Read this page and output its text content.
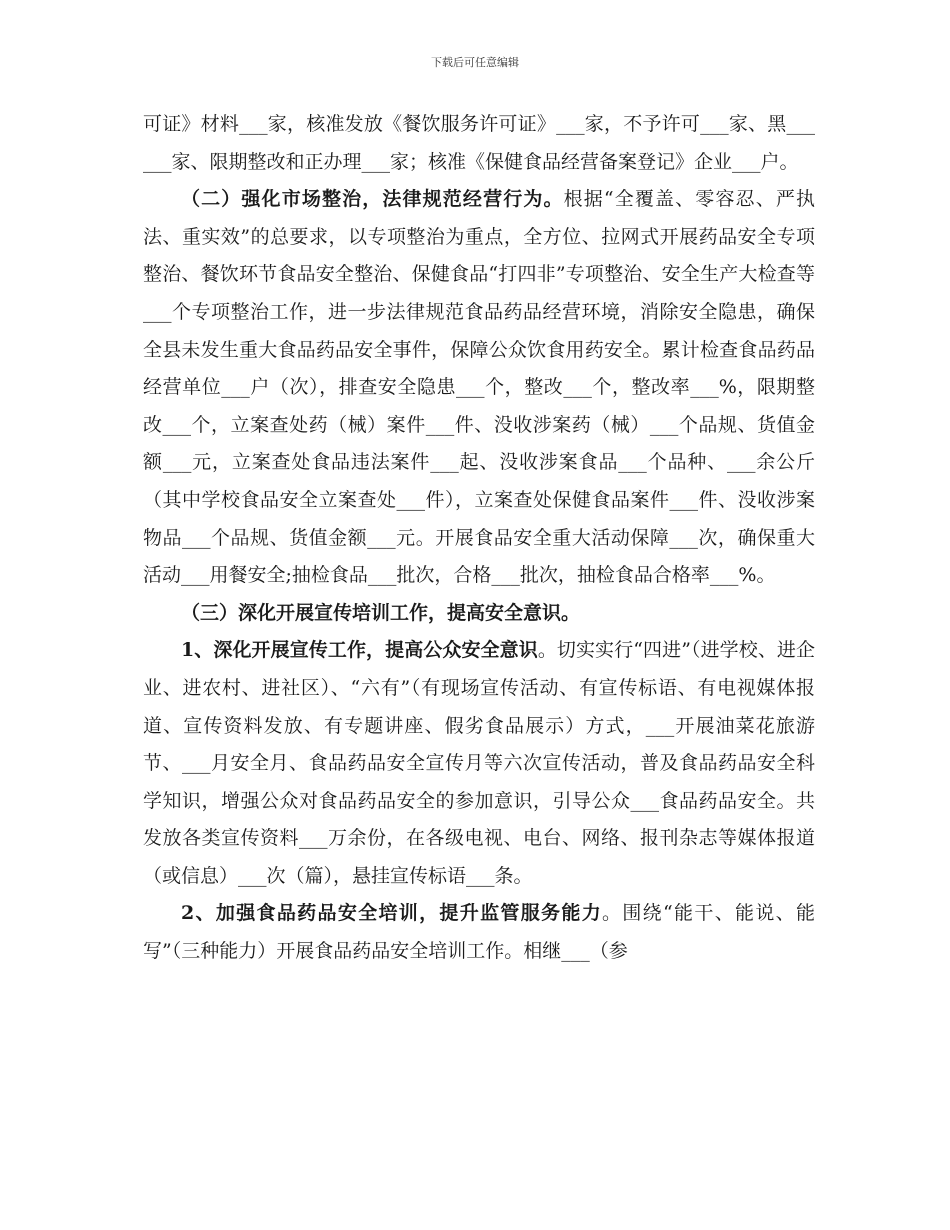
下载后可任意编辑

可证》材料___家，核准发放《餐饮服务许可证》___家，不予许可___家、黑______家、限期整改和正办理___家；核准《保健食品经营备案登记》企业___户。

（二）强化市场整治，法律规范经营行为。根据“全覆盖、零容忍、严执法、重实效”的总要求，以专项整治为重点，全方位、拉网式开展药品安全专项整治、餐饮环节食品安全整治、保健食品“打四非”专项整治、安全生产大检查等___个专项整治工作，进一步法律规范食品药品经营环境，消除安全隐患，确保全县未发生重大食品药品安全事件，保障公众饮食用药安全。累计检查食品药品经营单位___户（次），排查安全隐患___个，整改___个，整改率___%，限期整改___个，立案查处药（械）案件___件、没收涉案药（械）___个品规、货值金额___元，立案查处食品违法案件___起、没收涉案食品___个品种、___余公斤（其中学校食品安全立案查处___件），立案查处保健食品案件___件、没收涉案物品___个品规、货值金额___元。开展食品安全重大活动保障___次，确保重大活动___用餐安全;抽检食品___批次，合格___批次，抽检食品合格率___%。

（三）深化开展宣传培训工作，提高安全意识。

1、深化开展宣传工作，提高公众安全意识。切实实行“四进”（进学校、进企业、进农村、进社区）、“六有”（有现场宣传活动、有宣传标语、有电视媒体报道、宣传资料发放、有专题讲座、假劣食品展示）方式，___开展油菜花旅游节、___月安全月、食品药品安全宣传月等六次宣传活动，普及食品药品安全科学知识，增强公众对食品药品安全的参加意识，引导公众___食品药品安全。共发放各类宣传资料___万余份，在各级电视、电台、网络、报刊杂志等媒体报道（或信息）___次（篇），悬挂宣传标语___条。

2、加强食品药品安全培训，提升监管服务能力。围绕“能干、能说、能写”（三种能力）开展食品药品安全培训工作。相继___（参
